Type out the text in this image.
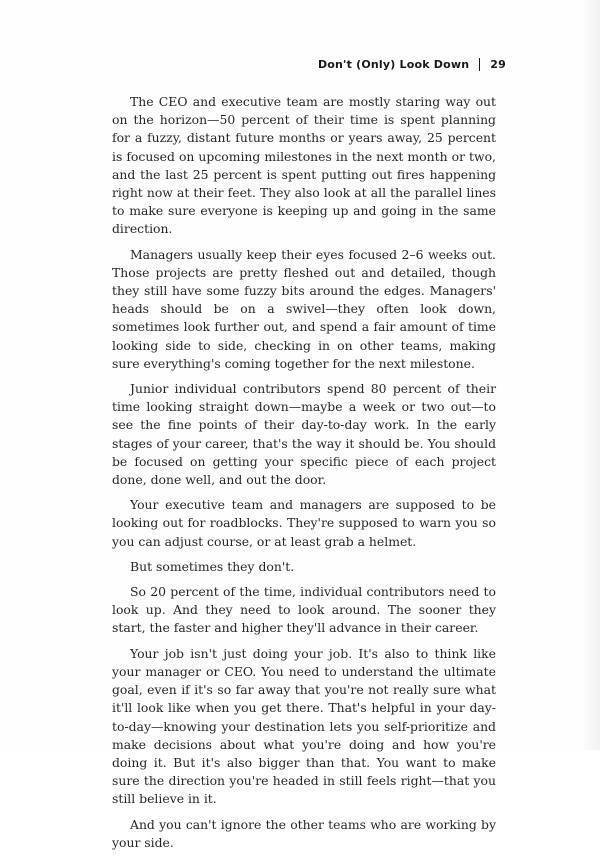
Don't (Only) Look Down 29

The CEO and executive team are mostly staring way out on the horizon—50 percent of their time is spent planning for a fuzzy, distant future months or years away, 25 percent is focused on upcoming milestones in the next month or two, and the last 25 percent is spent putting out fires happening right now at their feet. They also look at all the parallel lines to make sure everyone is keeping up and going in the same direction.

Managers usually keep their eyes focused 2–6 weeks out. Those projects are pretty fleshed out and detailed, though they still have some fuzzy bits around the edges. Managers' heads should be on a swivel—they often look down, sometimes look further out, and spend a fair amount of time looking side to side, checking in on other teams, making sure everything's coming together for the next milestone.

Junior individual contributors spend 80 percent of their time looking straight down—maybe a week or two out—to see the fine points of their day-to-day work. In the early stages of your career, that's the way it should be. You should be focused on getting your specific piece of each project done, done well, and out the door.

Your executive team and managers are supposed to be looking out for roadblocks. They're supposed to warn you so you can adjust course, or at least grab a helmet.

But sometimes they don't.

So 20 percent of the time, individual contributors need to look up. And they need to look around. The sooner they start, the faster and higher they'll advance in their career.

Your job isn't just doing your job. It's also to think like your manager or CEO. You need to understand the ultimate goal, even if it's so far away that you're not really sure what it'll look like when you get there. That's helpful in your day-to-day—knowing your destination lets you self-prioritize and make decisions about what you're doing and how you're doing it. But it's also bigger than that. You want to make sure the direction you're headed in still feels right—that you still believe in it.

And you can't ignore the other teams who are working by your side.
